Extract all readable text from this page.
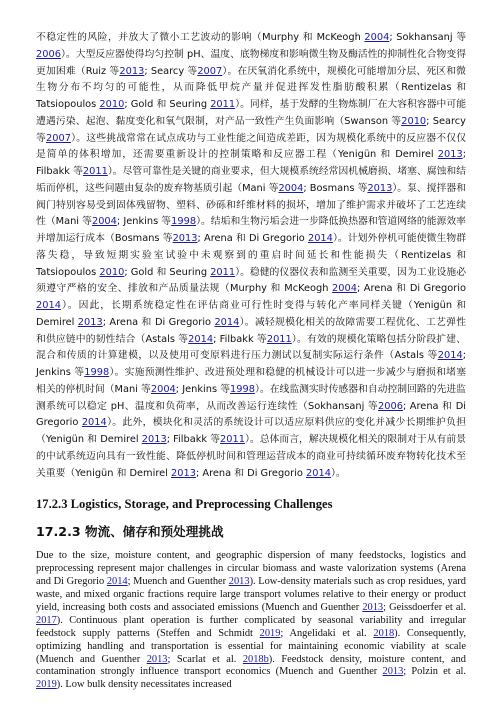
不稳定性的风险，并放大了微小工艺波动的影响（Murphy 和 McKeogh 2004; Sokhansanj 等2006）。大型反应器使得均匀控制 pH、温度、底物梯度和影响微生物及酶活性的抑制性化合物变得更加困难（Ruiz 等2013; Searcy 等2007）。在厌氧消化系统中，规模化可能增加分层、死区和微生物分布不均匀的可能性，从而降低甲烷产量并促进挥发性脂肪酸积累（Rentizelas 和 Tatsiopoulos 2010; Gold 和 Seuring 2011）。同样，基于发酵的生物炼制厂在大容积容器中可能遭遇污染、起泡、黏度变化和氧气限制，对产品一致性产生负面影响（Swanson 等2010; Searcy 等2007）。这些挑战常常在试点成功与工业性能之间造成差距，因为规模化系统中的反应器不仅仅是简单的体积增加，还需要重新设计的控制策略和反应器工程（Yenigün 和 Demirel 2013; Filbakk 等2011）。尽管可靠性是关键的商业要求，但大规模系统经常因机械磨损、堵塞、腐蚀和结垢而停机，这些问题由复杂的废弃物基质引起（Mani 等2004; Bosmans 等2013）。泵、搅拌器和阀门特别容易受到固体残留物、塑料、砂砾和纤维材料的损坏，增加了维护需求并破坏了工艺连续性（Mani 等2004; Jenkins 等1998）。结垢和生物污垢会进一步降低换热器和管道网络的能源效率并增加运行成本（Bosmans 等2013; Arena 和 Di Gregorio 2014）。计划外停机可能使微生物群落失稳，导致短期实验室试验中未观察到的重启时间延长和性能损失（Rentizelas 和 Tatsiopoulos 2010; Gold 和 Seuring 2011）。稳健的仪器仪表和监测至关重要，因为工业设施必须遵守严格的安全、排放和产品质量法规（Murphy 和 McKeogh 2004; Arena 和 Di Gregorio 2014）。因此，长期系统稳定性在评估商业可行性时变得与转化产率同样关键（Yenigün 和 Demirel 2013; Arena 和 Di Gregorio 2014）。减轻规模化相关的故障需要工程优化、工艺弹性和供应链中的韧性结合（Astals 等2014; Filbakk 等2011）。有效的规模化策略包括分阶段扩建、混合和传质的计算建模，以及使用可变原料进行压力测试以复制实际运行条件（Astals 等2014; Jenkins 等1998）。实施预测性维护、改进预处理和稳健的机械设计可以进一步减少与磨损和堵塞相关的停机时间（Mani 等2004; Jenkins 等1998）。在线监测实时传感器和自动控制回路的先进监测系统可以稳定 pH、温度和负荷率，从而改善运行连续性（Sokhansanj 等2006; Arena 和 Di Gregorio 2014）。此外，模块化和灵活的系统设计可以适应原料供应的变化并减少长期维护负担（Yenigün 和 Demirel 2013; Filbakk 等2011）。总体而言，解决规模化相关的限制对于从有前景的中试系统迈向具有一致性能、降低停机时间和管理运营成本的商业可持续循环废弃物转化技术至关重要（Yenigün 和 Demirel 2013; Arena 和 Di Gregorio 2014）。

17.2.3 Logistics, Storage, and Preprocessing Challenges
17.2.3 物流、储存和预处理挑战

Due to the size, moisture content, and geographic dispersion of many feedstocks, logistics and preprocessing represent major challenges in circular biomass and waste valorization systems (Arena and Di Gregorio 2014; Muench and Guenther 2013). Low-density materials such as crop residues, yard waste, and mixed organic fractions require large transport volumes relative to their energy or product yield, increasing both costs and associated emissions (Muench and Guenther 2013; Geissdoerfer et al. 2017). Continuous plant operation is further complicated by seasonal variability and irregular feedstock supply patterns (Steffen and Schmidt 2019; Angelidaki et al. 2018). Consequently, optimizing handling and transportation is essential for maintaining economic viability at scale (Muench and Guenther 2013; Scarlat et al. 2018b). Feedstock density, moisture content, and contamination strongly influence transport economics (Muench and Guenther 2013; Polzin et al. 2019). Low bulk density necessitates increased
